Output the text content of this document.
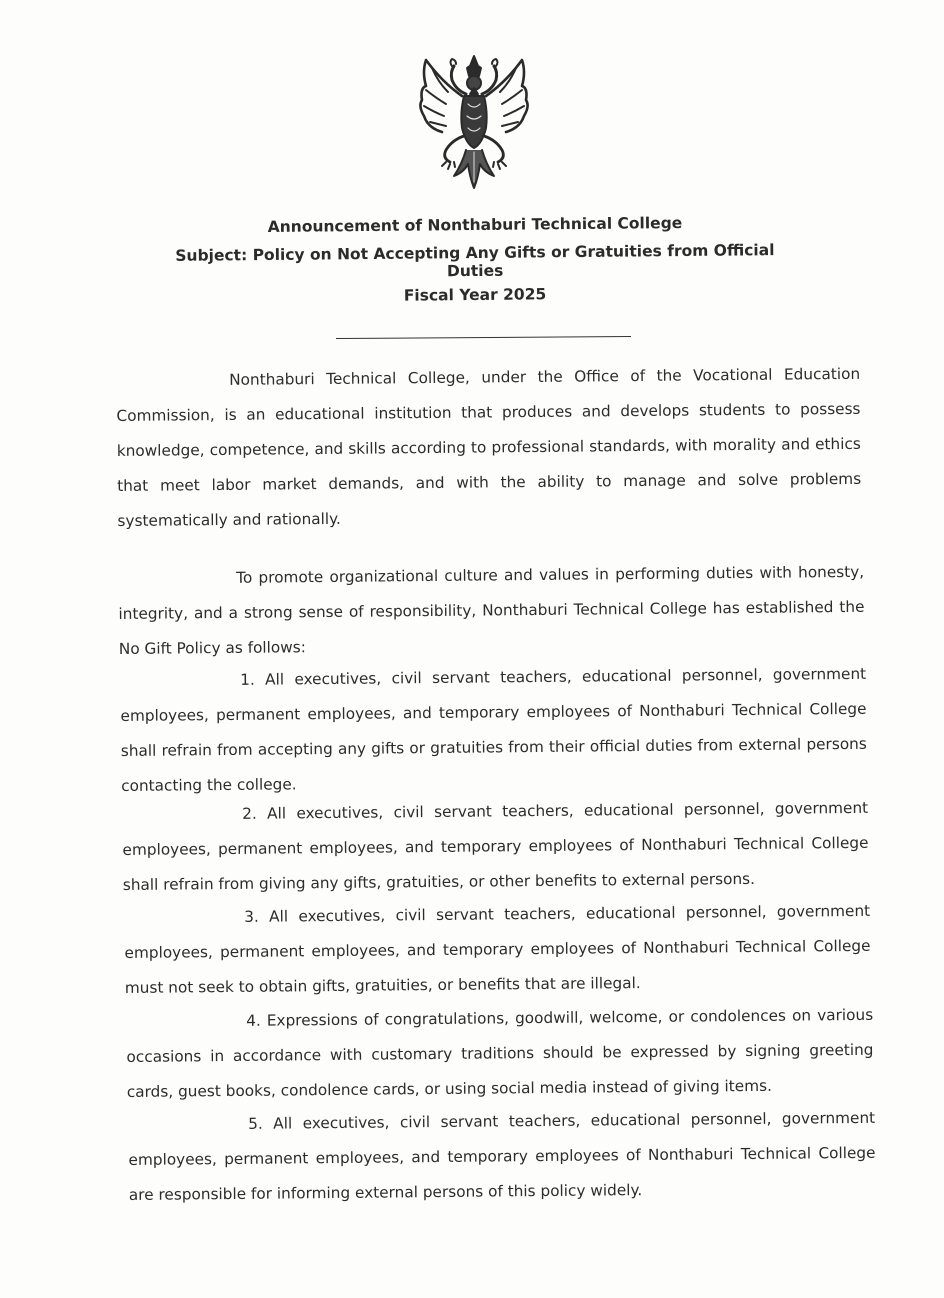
Announcement of Nonthaburi Technical College
Subject: Policy on Not Accepting Any Gifts or Gratuities from Official Duties
Fiscal Year 2025
Nonthaburi Technical College, under the Office of the Vocational Education Commission, is an educational institution that produces and develops students to possess knowledge, competence, and skills according to professional standards, with morality and ethics that meet labor market demands, and with the ability to manage and solve problems systematically and rationally.
To promote organizational culture and values in performing duties with honesty, integrity, and a strong sense of responsibility, Nonthaburi Technical College has established the No Gift Policy as follows:
1. All executives, civil servant teachers, educational personnel, government employees, permanent employees, and temporary employees of Nonthaburi Technical College shall refrain from accepting any gifts or gratuities from their official duties from external persons contacting the college.
2. All executives, civil servant teachers, educational personnel, government employees, permanent employees, and temporary employees of Nonthaburi Technical College shall refrain from giving any gifts, gratuities, or other benefits to external persons.
3. All executives, civil servant teachers, educational personnel, government employees, permanent employees, and temporary employees of Nonthaburi Technical College must not seek to obtain gifts, gratuities, or benefits that are illegal.
4. Expressions of congratulations, goodwill, welcome, or condolences on various occasions in accordance with customary traditions should be expressed by signing greeting cards, guest books, condolence cards, or using social media instead of giving items.
5. All executives, civil servant teachers, educational personnel, government employees, permanent employees, and temporary employees of Nonthaburi Technical College are responsible for informing external persons of this policy widely.
